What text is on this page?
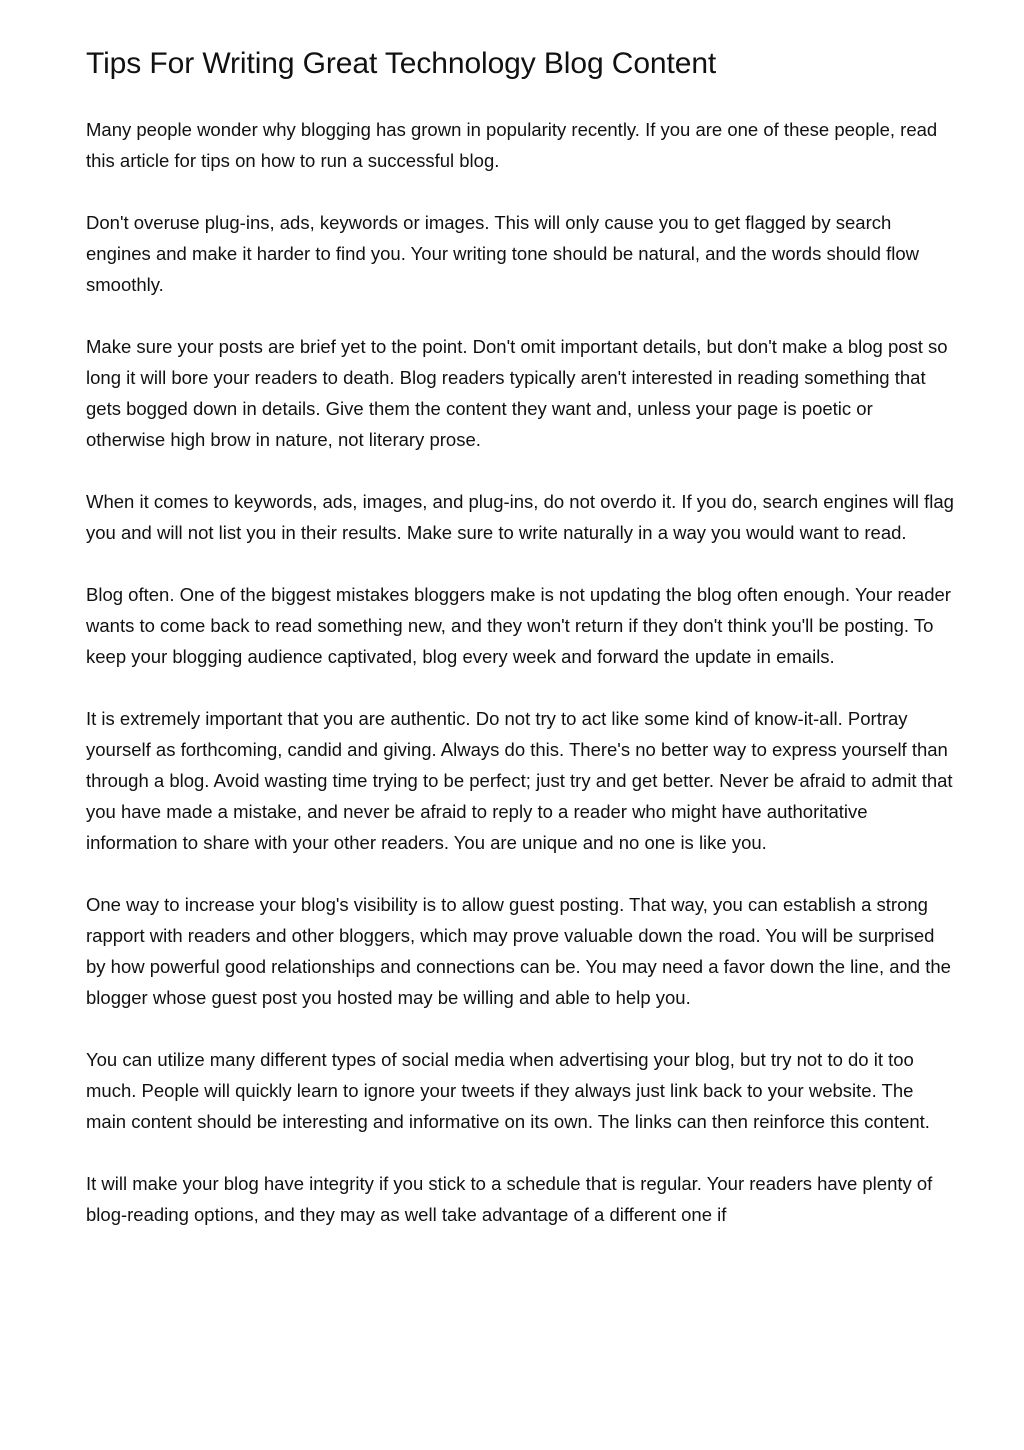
Tips For Writing Great Technology Blog Content

Many people wonder why blogging has grown in popularity recently. If you are one of these people, read this article for tips on how to run a successful blog.

Don't overuse plug-ins, ads, keywords or images. This will only cause you to get flagged by search engines and make it harder to find you. Your writing tone should be natural, and the words should flow smoothly.

Make sure your posts are brief yet to the point. Don't omit important details, but don't make a blog post so long it will bore your readers to death. Blog readers typically aren't interested in reading something that gets bogged down in details. Give them the content they want and, unless your page is poetic or otherwise high brow in nature, not literary prose.

When it comes to keywords, ads, images, and plug-ins, do not overdo it. If you do, search engines will flag you and will not list you in their results. Make sure to write naturally in a way you would want to read.

Blog often. One of the biggest mistakes bloggers make is not updating the blog often enough. Your reader wants to come back to read something new, and they won't return if they don't think you'll be posting. To keep your blogging audience captivated, blog every week and forward the update in emails.

It is extremely important that you are authentic. Do not try to act like some kind of know-it-all. Portray yourself as forthcoming, candid and giving. Always do this. There's no better way to express yourself than through a blog. Avoid wasting time trying to be perfect; just try and get better. Never be afraid to admit that you have made a mistake, and never be afraid to reply to a reader who might have authoritative information to share with your other readers. You are unique and no one is like you.

One way to increase your blog's visibility is to allow guest posting. That way, you can establish a strong rapport with readers and other bloggers, which may prove valuable down the road. You will be surprised by how powerful good relationships and connections can be. You may need a favor down the line, and the blogger whose guest post you hosted may be willing and able to help you.

You can utilize many different types of social media when advertising your blog, but try not to do it too much. People will quickly learn to ignore your tweets if they always just link back to your website. The main content should be interesting and informative on its own. The links can then reinforce this content.

It will make your blog have integrity if you stick to a schedule that is regular. Your readers have plenty of blog-reading options, and they may as well take advantage of a different one if
